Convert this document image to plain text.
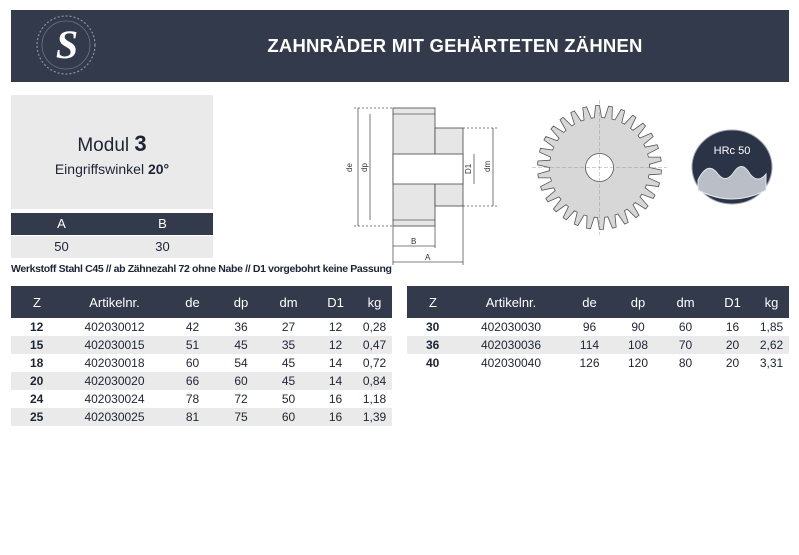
S	ZAHNRÄDER MIT GEHÄRTETEN ZÄHNEN
Modul 3
Eingriffswinkel 20°
A	B
50	30
Werkstoff Stahl C45 // ab Zähnezahl 72 ohne Nabe // D1 vorgebohrt keine Passung
de dp	D1 dm
B
A
HRc 50
Z	Artikelnr.	de	dp	dm	D1	kg
12	402030012	42	36	27	12	0,28
15	402030015	51	45	35	12	0,47
18	402030018	60	54	45	14	0,72
20	402030020	66	60	45	14	0,84
24	402030024	78	72	50	16	1,18
25	402030025	81	75	60	16	1,39
Z	Artikelnr.	de	dp	dm	D1	kg
30	402030030	96	90	60	16	1,85
36	402030036	114	108	70	20	2,62
40	402030040	126	120	80	20	3,31
